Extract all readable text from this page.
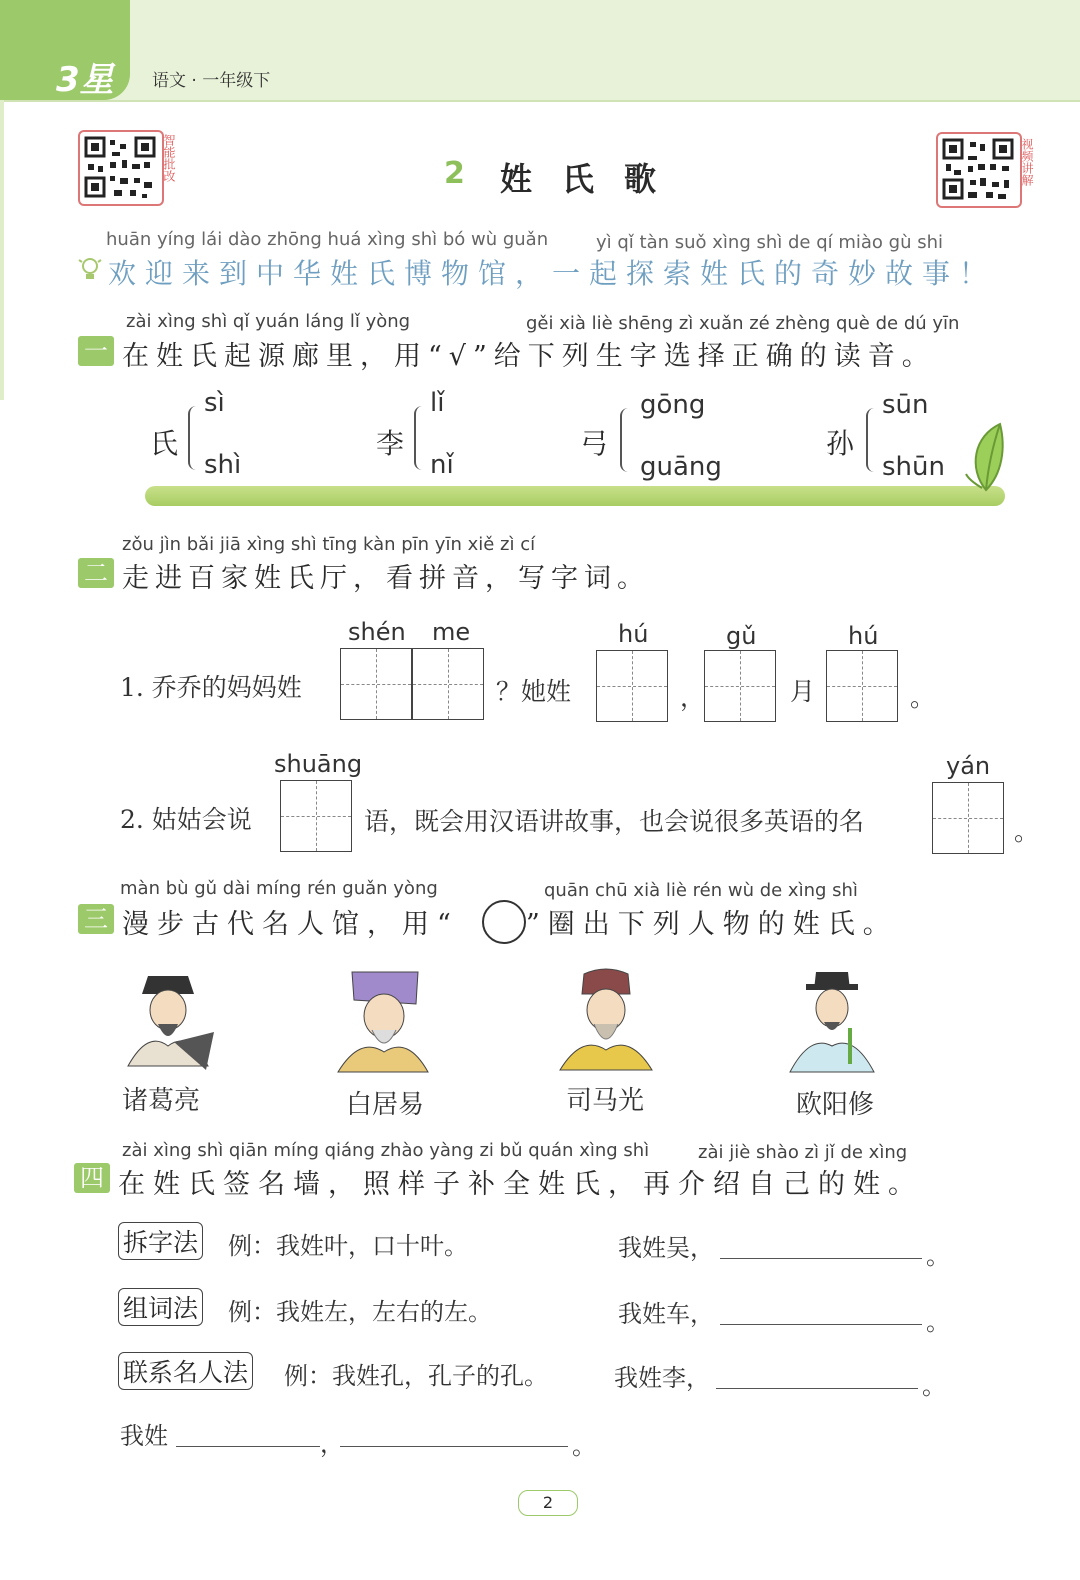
3星 语文 · 一年级下
智能批改	视频讲解
2 姓氏歌
huān yíng lái dào zhōng huá xìng shì bó wù guǎn	yì qǐ tàn suǒ xìng shì de qí miào gù shi
欢迎来到中华姓氏博物馆，一起探索姓氏的奇妙故事！
zài xìng shì qǐ yuán láng lǐ yòng	gěi xià liè shēng zì xuǎn zé zhèng què de dú yīn
一 在姓氏起源廊里，用“√”给下列生字选择正确的读音。
氏
sì
shì
李
lǐ
nǐ
弓
gōng
guāng
孙
sūn
shūn
zǒu jìn bǎi jiā xìng shì tīng kàn pīn yīn xiě zì cí
二 走进百家姓氏厅，看拼音，写字词。
1. 乔乔的妈妈姓
shén me
？她姓
hú
，
gǔ
月
hú
。
2. 姑姑会说
shuāng
语，既会用汉语讲故事，也会说很多英语的名
yán
。
màn bù gǔ dài míng rén guǎn yòng	quān chū xià liè rén wù de xìng shì
三 漫步古代名人馆，用“ ”圈出下列人物的姓氏。
诸葛亮	白居易	司马光	欧阳修
zài xìng shì qiān míng qiáng zhào yàng zi bǔ quán xìng shì	zài jiè shào zì jǐ de xìng
四 在姓氏签名墙，照样子补全姓氏，再介绍自己的姓。
拆字法 例：我姓叶，口十叶。	我姓吴，	。
组词法 例：我姓左，左右的左。	我姓车，	。
联系名人法 例：我姓孔，孔子的孔。	我姓李，	。
我姓	，	。
2
